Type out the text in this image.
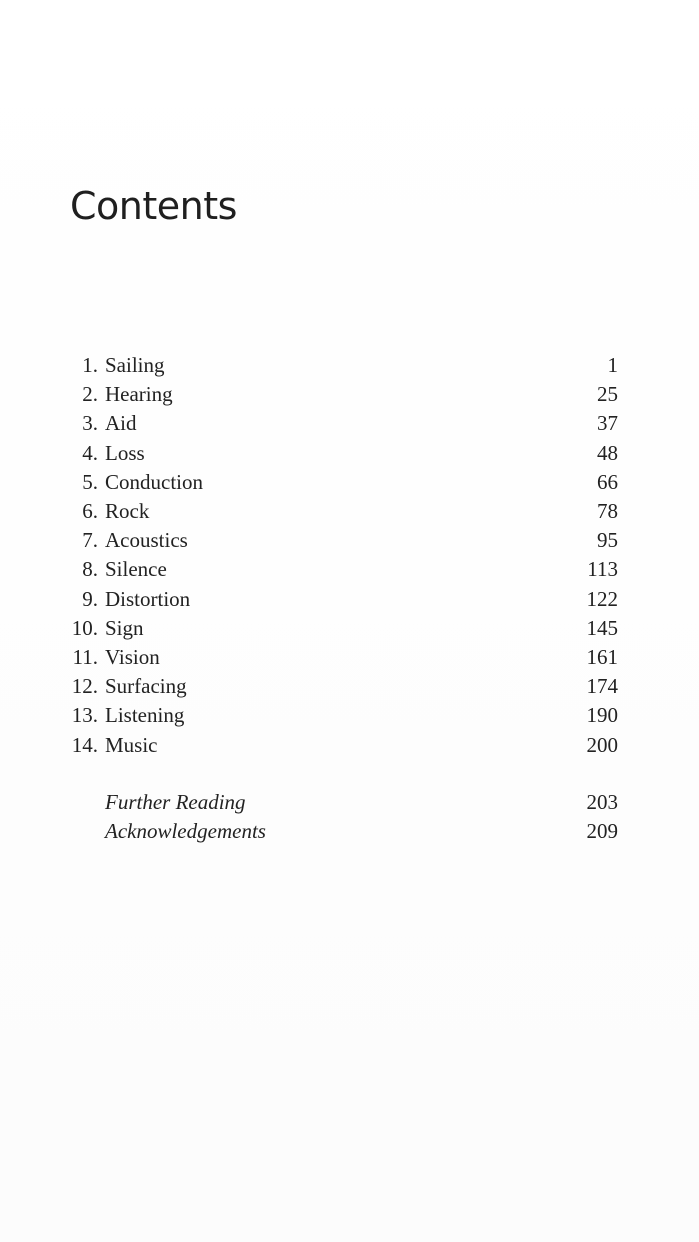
Contents
1. Sailing	1
2. Hearing	25
3. Aid	37
4. Loss	48
5. Conduction	66
6. Rock	78
7. Acoustics	95
8. Silence	113
9. Distortion	122
10. Sign	145
11. Vision	161
12. Surfacing	174
13. Listening	190
14. Music	200
Further Reading	203
Acknowledgements	209
